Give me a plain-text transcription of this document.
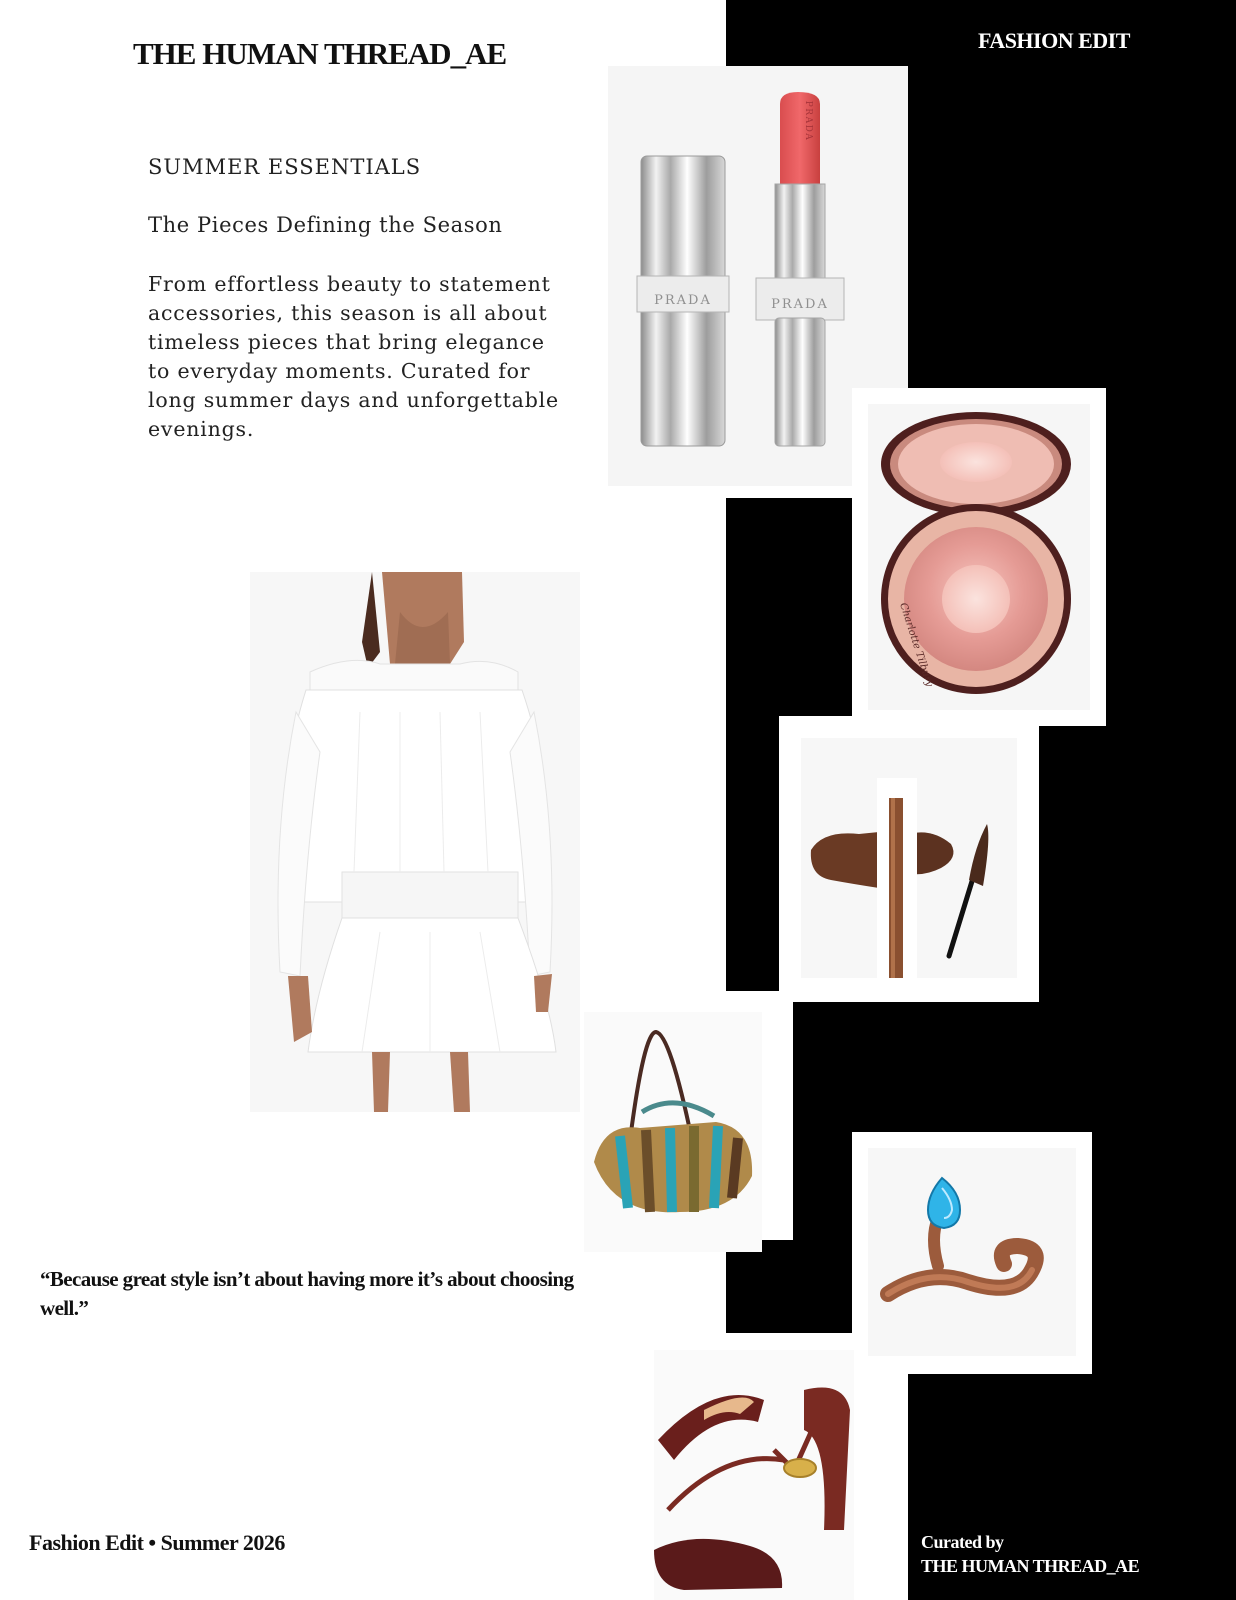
THE HUMAN THREAD_AE	FASHION EDIT
SUMMER ESSENTIALS
The Pieces Defining the Season

From effortless beauty to statement accessories, this season is all about timeless pieces that bring elegance to everyday moments. Curated for long summer days and unforgettable evenings.

PRADA	PRADA
PRADA
Charlotte Tilbury

“Because great style isn’t about having more it’s about choosing well.”

Fashion Edit • Summer 2026	Curated by
THE HUMAN THREAD_AE
